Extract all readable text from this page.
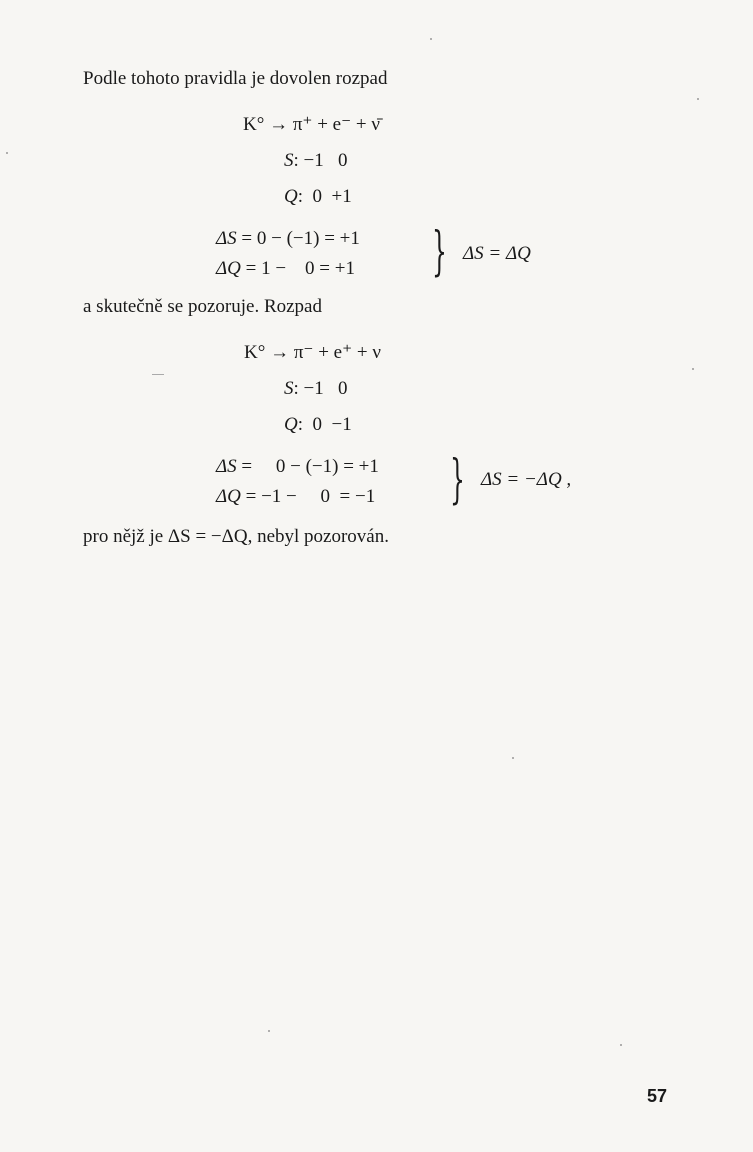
Podle tohoto pravidla je dovolen rozpad
K° → π⁺ + e⁻ + ν̄
S: −1   0
Q:  0  +1
ΔS = 0 − (−1) = +1
ΔQ = 1 −    0 = +1 } ΔS = ΔQ
a skutečně se pozoruje. Rozpad
K° → π⁻ + e⁺ + ν
S: −1   0
Q:  0  −1
ΔS =     0 − (−1) = +1
ΔQ = −1 −     0  = −1 } ΔS = −ΔQ ,
pro nějž je ΔS = −ΔQ, nebyl pozorován.
57
